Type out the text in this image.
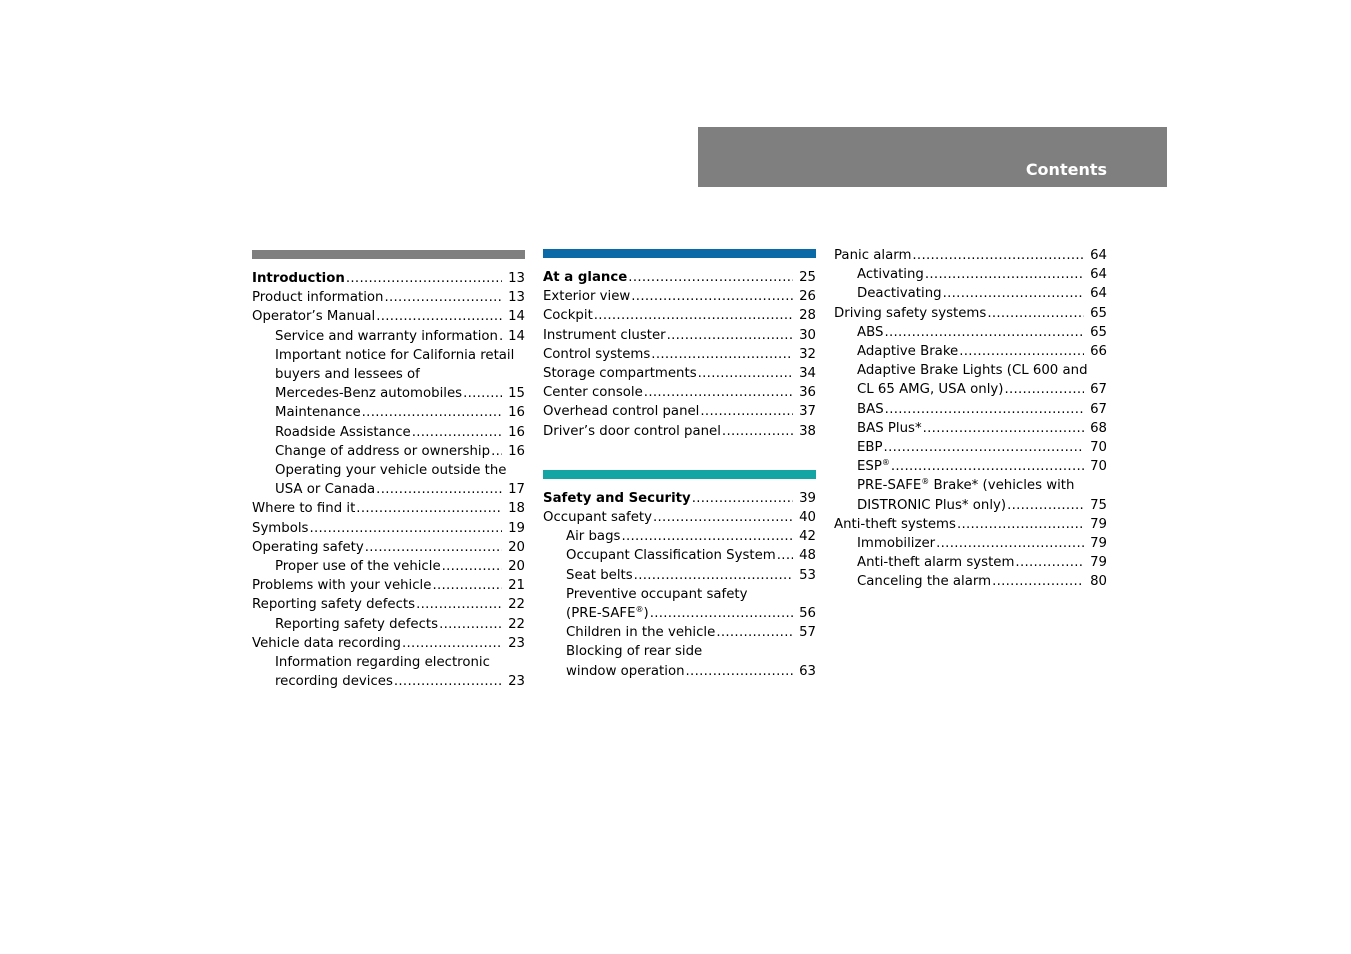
Contents
Introduction .....	13
Product information .....	13
Operator’s Manual .....	14
Service and warranty information ..... 14
Important notice for California retail
buyers and lessees of
Mercedes-Benz automobiles .....	15
Maintenance .....	16
Roadside Assistance .....	16
Change of address or ownership .....	16
Operating your vehicle outside the
USA or Canada .....	17
Where to find it .....	18
Symbols .....	19
Operating safety .....	20
Proper use of the vehicle .....	20
Problems with your vehicle .....	21
Reporting safety defects .....	22
Reporting safety defects .....	22
Vehicle data recording .....	23
Information regarding electronic
recording devices .....	23
At a glance .....	25
Exterior view .....	26
Cockpit .....	28
Instrument cluster .....	30
Control systems .....	32
Storage compartments .....	34
Center console .....	36
Overhead control panel .....	37
Driver’s door control panel .....	38
Safety and Security .....	39
Occupant safety .....	40
Air bags .....	42
Occupant Classification System .....	48
Seat belts .....	53
Preventive occupant safety
(PRE-SAFE®) .....	56
Children in the vehicle .....	57
Blocking of rear side
window operation .....	63
Panic alarm .....	64
Activating .....	64
Deactivating .....	64
Driving safety systems .....	65
ABS .....	65
Adaptive Brake .....	66
Adaptive Brake Lights (CL 600 and
CL 65 AMG, USA only) .....	67
BAS .....	67
BAS Plus* .....	68
EBP .....	70
ESP® .....	70
PRE-SAFE® Brake* (vehicles with
DISTRONIC Plus* only) .....	75
Anti-theft systems .....	79
Immobilizer .....	79
Anti-theft alarm system .....	79
Canceling the alarm .....	80
